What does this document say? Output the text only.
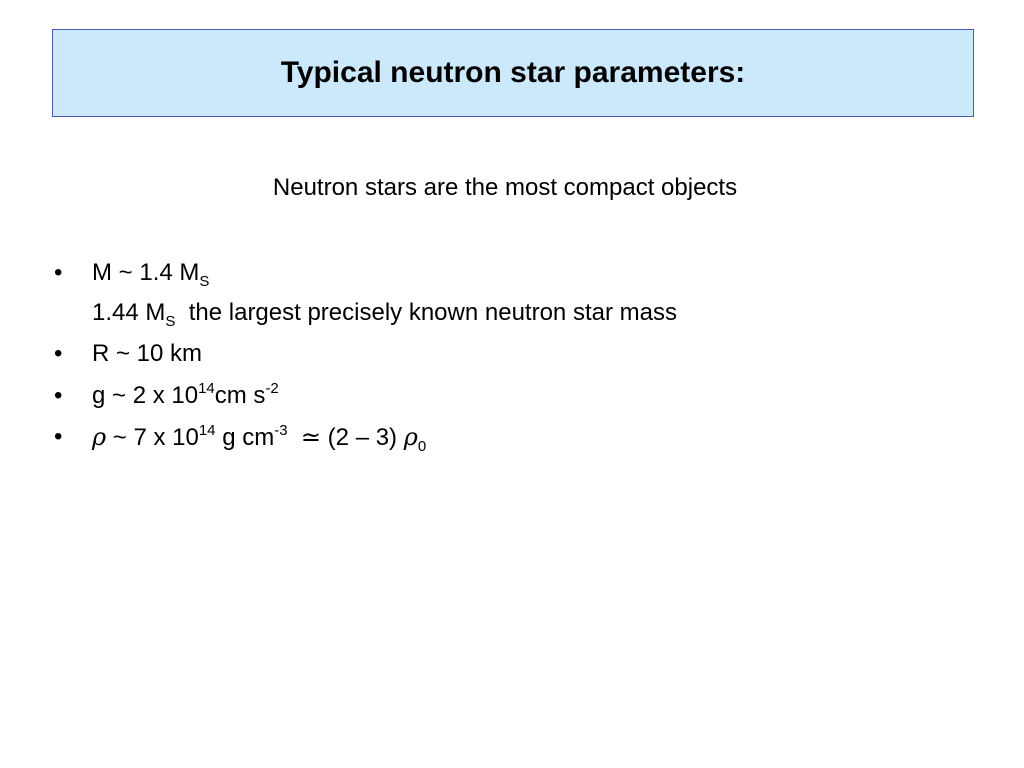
Typical neutron star parameters:
Neutron stars are the most compact objects
• M ~ 1.4 $M_S$
1.44 $M_S$  the largest precisely known neutron star mass
• R ~ 10 km
• g ~ 2 x $10^{14}cm$ $s^{-2}$
• ρ ~ 7 x $10^{14}$ g $cm^{-3}$ ≃ (2 – 3) $\rho_0$
